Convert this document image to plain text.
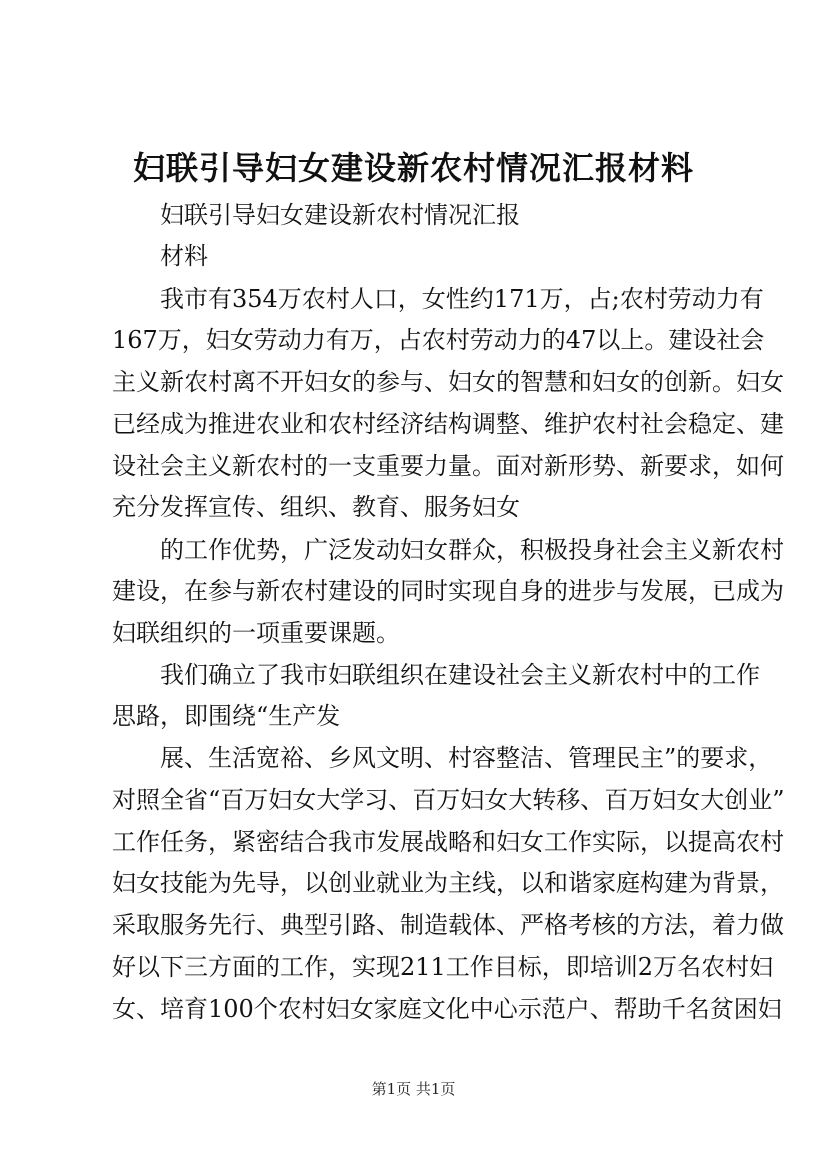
妇联引导妇女建设新农村情况汇报材料
妇联引导妇女建设新农村情况汇报
材料
我市有354万农村人口，女性约171万，占;农村劳动力有
167万，妇女劳动力有万，占农村劳动力的47以上。建设社会
主义新农村离不开妇女的参与、妇女的智慧和妇女的创新。妇女
已经成为推进农业和农村经济结构调整、维护农村社会稳定、建
设社会主义新农村的一支重要力量。面对新形势、新要求，如何
充分发挥宣传、组织、教育、服务妇女
的工作优势，广泛发动妇女群众，积极投身社会主义新农村
建设，在参与新农村建设的同时实现自身的进步与发展，已成为
妇联组织的一项重要课题。
我们确立了我市妇联组织在建设社会主义新农村中的工作
思路，即围绕“生产发
展、生活宽裕、乡风文明、村容整洁、管理民主”的要求，
对照全省“百万妇女大学习、百万妇女大转移、百万妇女大创业”
工作任务，紧密结合我市发展战略和妇女工作实际，以提高农村
妇女技能为先导，以创业就业为主线，以和谐家庭构建为背景，
采取服务先行、典型引路、制造载体、严格考核的方法，着力做
好以下三方面的工作，实现211工作目标，即培训2万名农村妇
女、培育100个农村妇女家庭文化中心示范户、帮助千名贫困妇
第1页 共1页
